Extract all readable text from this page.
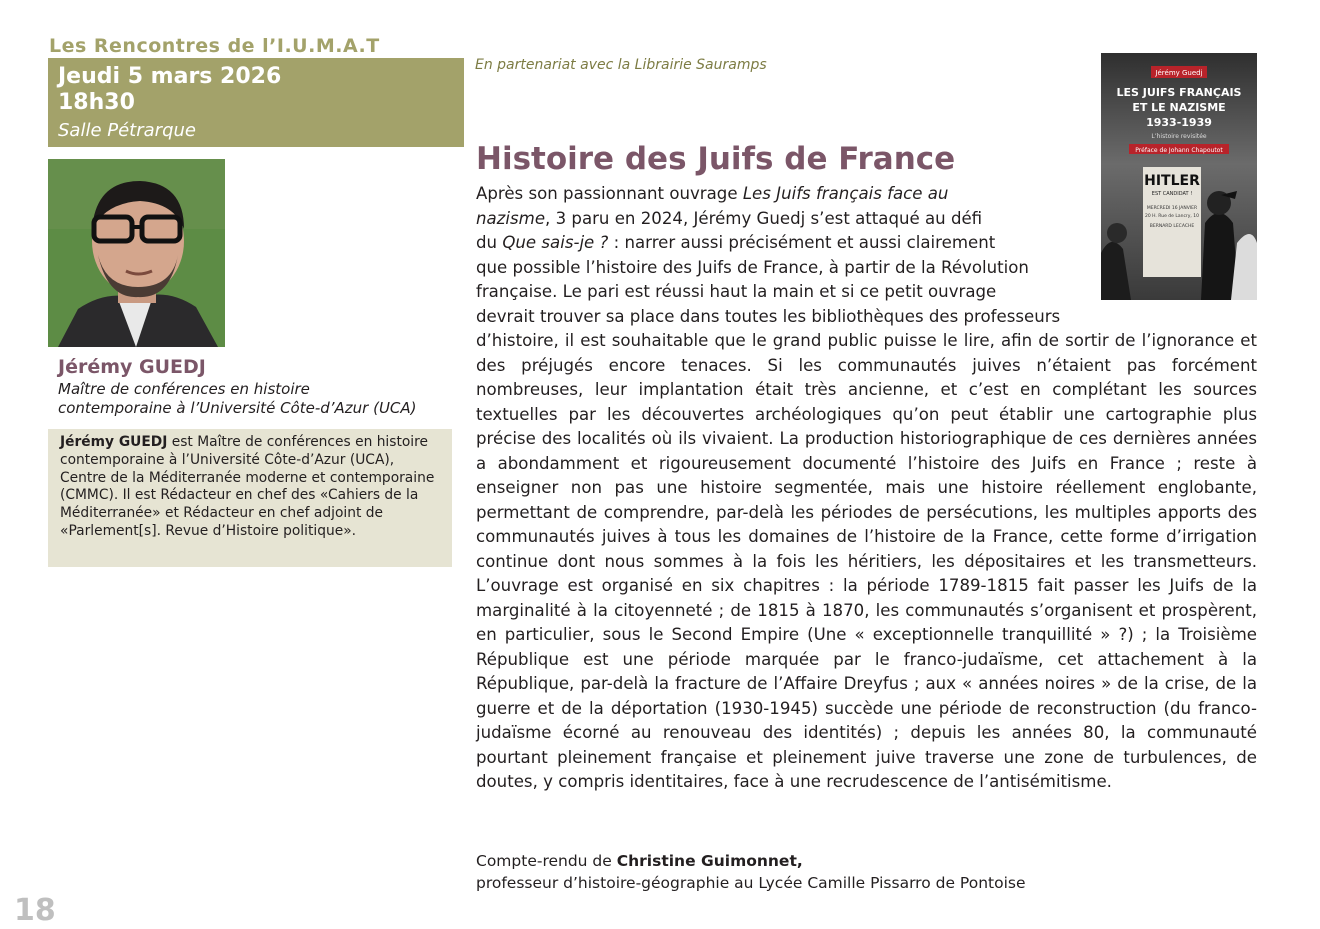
Les Rencontres de l’I.U.M.A.T
Jeudi 5 mars 2026
18h30
Salle Pétrarque
En partenariat avec la Librairie Sauramps
Jérémy GUEDJ
Maître de conférences en histoire
contemporaine à l’Université Côte-d’Azur (UCA)
Jérémy GUEDJ est Maître de conférences en histoire contemporaine à l’Université Côte-d’Azur (UCA), Centre de la Méditerranée moderne et contemporaine (CMMC). Il est Rédacteur en chef des «Cahiers de la Méditerranée» et Rédacteur en chef adjoint de «Parlement[s]. Revue d’Histoire politique».
Jérémy Guedj
LES JUIFS FRANÇAIS
ET LE NAZISME
1933-1939
L’histoire revisitée
Préface de Johann Chapoutot
HITLER
EST CANDIDAT !
MERCREDI 16 JANVIER
20 H. Rue de Lancry, 10
BERNARD LECACHE
Histoire des Juifs de France
Après son passionnant ouvrage Les Juifs français face au
nazisme, 3 paru en 2024, Jérémy Guedj s’est attaqué au défi
du Que sais-je ? : narrer aussi précisément et aussi clairement
que possible l’histoire des Juifs de France, à partir de la Révolution
française. Le pari est réussi haut la main et si ce petit ouvrage
devrait trouver sa place dans toutes les bibliothèques des professeurs

d’histoire, il est souhaitable que le grand public puisse le lire, afin de sortir de l’ignorance et des préjugés encore tenaces. Si les communautés juives n’étaient pas forcément nombreuses, leur implantation était très ancienne, et c’est en complétant les sources textuelles par les découvertes archéologiques qu’on peut établir une cartographie plus précise des localités où ils vivaient. La production historiographique de ces dernières années a abondamment et rigoureusement documenté l’histoire des Juifs en France ; reste à enseigner non pas une histoire segmentée, mais une histoire réellement englobante, permettant de comprendre, par-delà les périodes de persécutions, les multiples apports des communautés juives à tous les domaines de l’histoire de la France, cette forme d’irrigation continue dont nous sommes à la fois les héritiers, les dépositaires et les transmetteurs. L’ouvrage est organisé en six chapitres : la période 1789-1815 fait passer les Juifs de la marginalité à la citoyenneté ; de 1815 à 1870, les communautés s’organisent et prospèrent, en particulier, sous le Second Empire (Une « exceptionnelle tranquillité » ?) ; la Troisième République est une période marquée par le franco-judaïsme, cet attachement à la République, par-delà la fracture de l’Affaire Dreyfus ; aux « années noires » de la crise, de la guerre et de la déportation (1930-1945) succède une période de reconstruction (du franco-judaïsme écorné au renouveau des identités) ; depuis les années 80, la communauté pourtant pleinement française et pleinement juive traverse une zone de turbulences, de doutes, y compris identitaires, face à une recrudescence de l’antisémitisme.

Compte-rendu de Christine Guimonnet,
professeur d’histoire-géographie au Lycée Camille Pissarro de Pontoise
18
